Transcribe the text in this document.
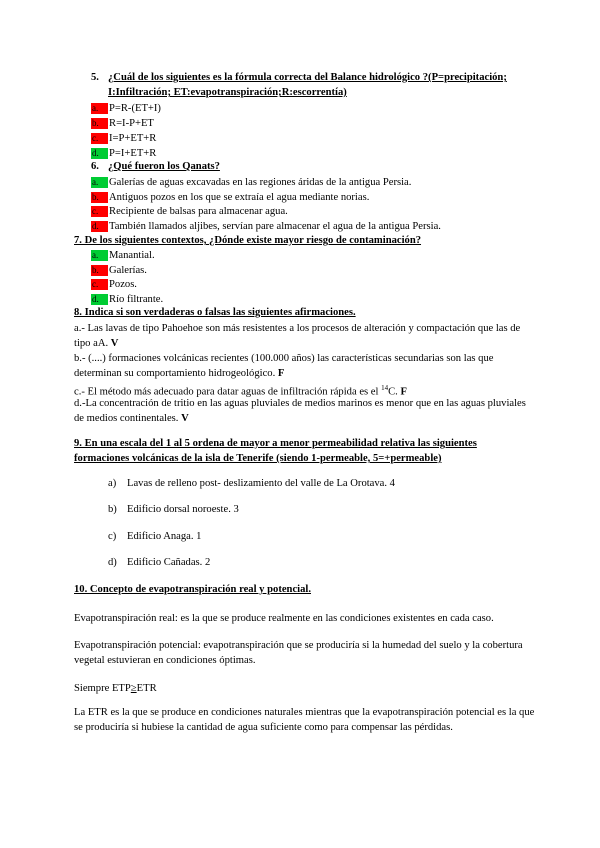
5. ¿Cuál de los siguientes es la fórmula correcta del Balance hidrológico ?(P=precipitación;
I:Infiltración; ET:evapotranspiración;R:escorrentía)
a.	P=R-(ET+I)
b. R=I-P+ET
c.	I=P+ET+R
d. P=I+ET+R
6. ¿Qué fueron los Qanats?
a.	Galerías de aguas excavadas en las regiones áridas de la antigua Persia.
b. Antiguos pozos en los que se extraía el agua mediante norias.
c.	Recipiente de balsas para almacenar agua.
d. También llamados aljibes, servían pare almacenar el agua de la antigua Persia.
7. De los siguientes contextos, ¿Dónde existe mayor riesgo de contaminación?
a.	Manantial.
b. Galerías.
c.	Pozos.
d. Río filtrante.
8. Indica si son verdaderas o falsas las siguientes afirmaciones.
a.- Las lavas de tipo Pahoehoe son más resistentes a los procesos de alteración y compactación que las de tipo aA. V
b.- (....) formaciones volcánicas recientes (100.000 años) las características secundarias son las que determinan su comportamiento hidrogeológico. F
c.- El método más adecuado para datar aguas de infiltración rápida es el $^{14}$C. F
d.-La concentración de tritio en las aguas pluviales de medios marinos es menor que en las aguas pluviales de medios continentales. V
9. En una escala del 1 al 5 ordena de mayor a menor permeabilidad relativa las siguientes
formaciones volcánicas de la isla de Tenerife (siendo 1-permeable, 5=+permeable)
a) Lavas de relleno post- deslizamiento del valle de La Orotava. 4
b) Edificio dorsal noroeste. 3
c) Edificio Anaga. 1
d) Edificio Cañadas. 2
10. Concepto de evapotranspiración real y potencial.
Evapotranspiración real: es la que se produce realmente en las condiciones existentes en cada caso.
Evapotranspiración potencial: evapotranspiración que se produciría si la humedad del suelo y la cobertura vegetal estuvieran en condiciones óptimas.
Siempre ETP≥ETR
La ETR es la que se produce en condiciones naturales mientras que la evapotranspiración potencial es la que se produciría si hubiese la cantidad de agua suficiente como para compensar las pérdidas.
